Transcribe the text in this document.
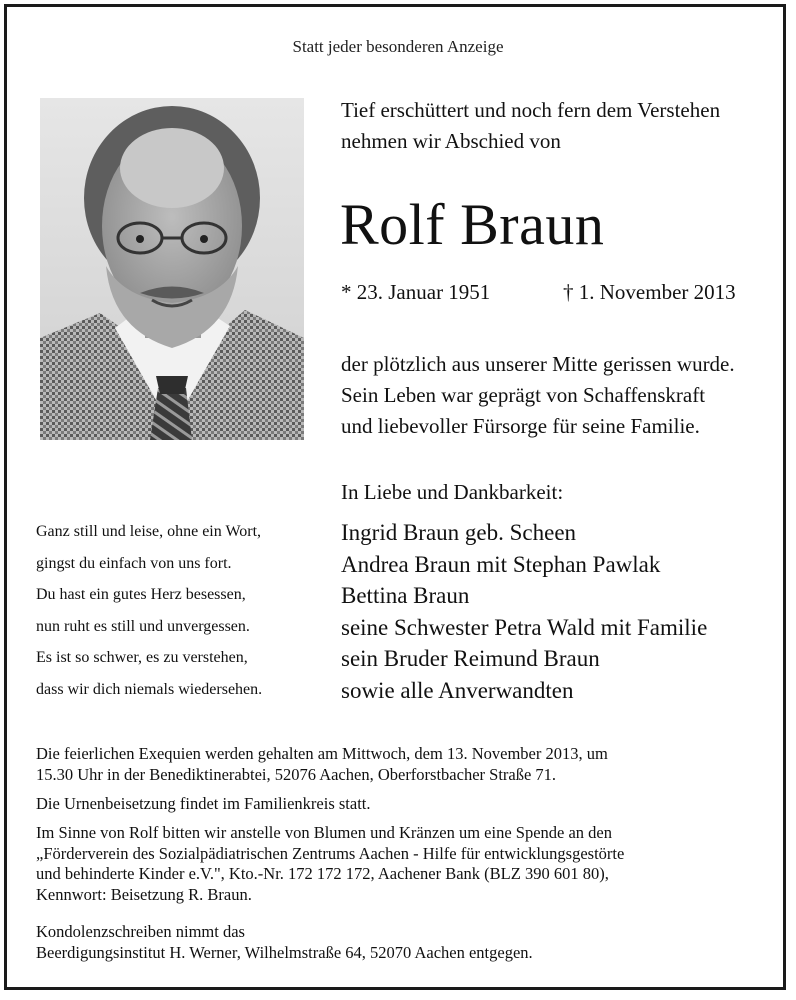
Statt jeder besonderen Anzeige

Tief erschüttert und noch fern dem Verstehen
nehmen wir Abschied von
Rolf Braun
* 23. Januar 1951	† 1. November 2013
der plötzlich aus unserer Mitte gerissen wurde.
Sein Leben war geprägt von Schaffenskraft
und liebevoller Fürsorge für seine Familie.
In Liebe und Dankbarkeit:
Ingrid Braun geb. Scheen
Andrea Braun mit Stephan Pawlak
Bettina Braun
seine Schwester Petra Wald mit Familie
sein Bruder Reimund Braun
sowie alle Anverwandten
Ganz still und leise, ohne ein Wort,
gingst du einfach von uns fort.
Du hast ein gutes Herz besessen,
nun ruht es still und unvergessen.
Es ist so schwer, es zu verstehen,
dass wir dich niemals wiedersehen.
Die feierlichen Exequien werden gehalten am Mittwoch, dem 13. November 2013, um
15.30 Uhr in der Benediktinerabtei, 52076 Aachen, Oberforstbacher Straße 71.
Die Urnenbeisetzung findet im Familienkreis statt.
Im Sinne von Rolf bitten wir anstelle von Blumen und Kränzen um eine Spende an den
„Förderverein des Sozialpädiatrischen Zentrums Aachen - Hilfe für entwicklungsgestörte
und behinderte Kinder e.V.", Kto.-Nr. 172 172 172, Aachener Bank (BLZ 390 601 80),
Kennwort: Beisetzung R. Braun.
Kondolenzschreiben nimmt das
Beerdigungsinstitut H. Werner, Wilhelmstraße 64, 52070 Aachen entgegen.
